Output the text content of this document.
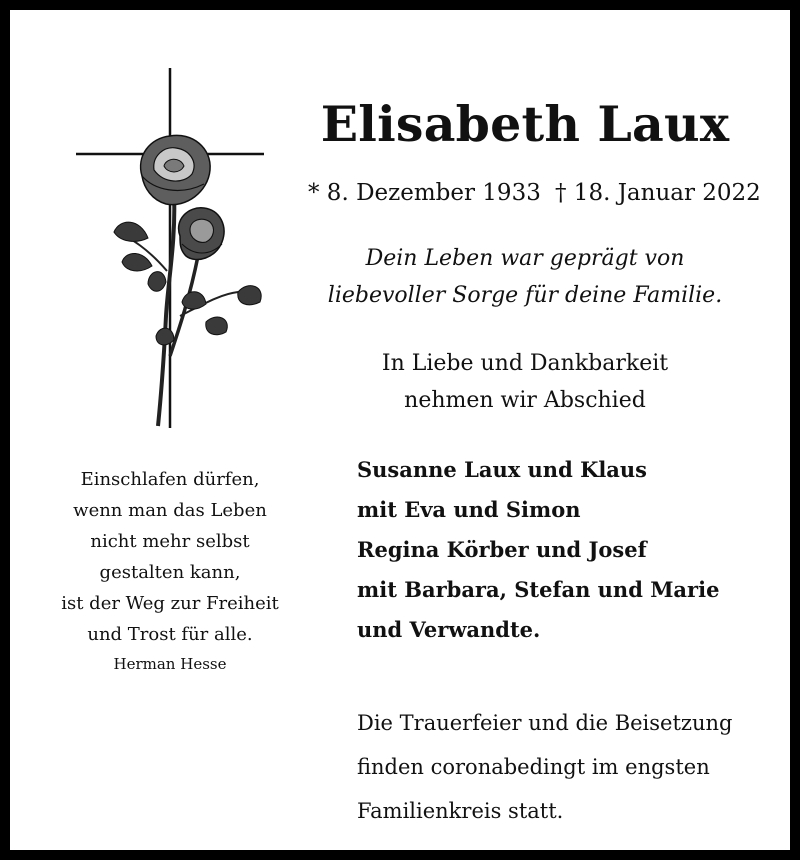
Elisabeth Laux
* 8. Dezember 1933 † 18. Januar 2022
Dein Leben war geprägt von
liebevoller Sorge für deine Familie.
In Liebe und Dankbarkeit
nehmen wir Abschied
Susanne Laux und Klaus
mit Eva und Simon
Regina Körber und Josef
mit Barbara, Stefan und Marie
und Verwandte.
Die Trauerfeier und die Beisetzung
finden coronabedingt im engsten
Familienkreis statt.
Einschlafen dürfen,
wenn man das Leben
nicht mehr selbst
gestalten kann,
ist der Weg zur Freiheit
und Trost für alle.
Herman Hesse
